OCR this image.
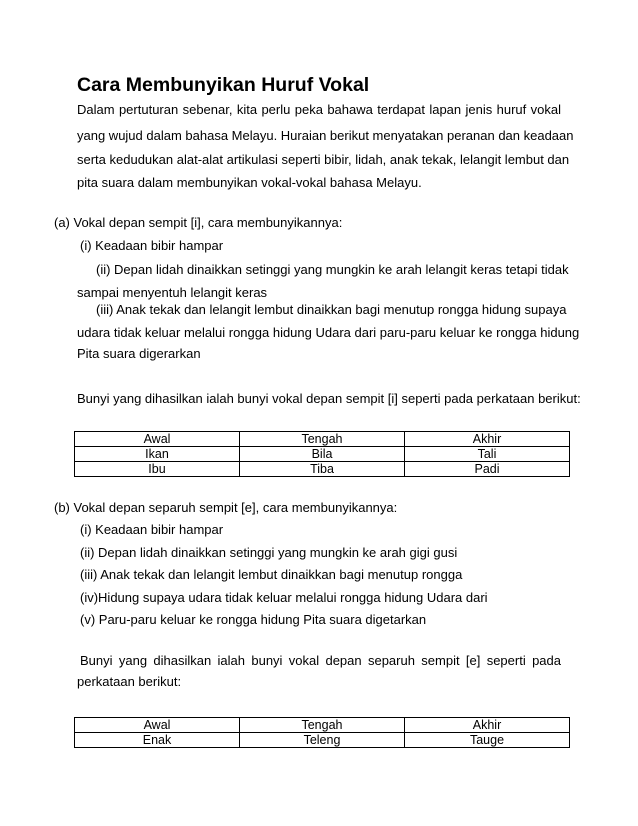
Cara Membunyikan Huruf Vokal
Dalam pertuturan sebenar, kita perlu peka bahawa terdapat lapan jenis huruf vokal
yang wujud dalam bahasa Melayu. Huraian berikut menyatakan peranan dan keadaan
serta kedudukan alat-alat artikulasi seperti bibir, lidah, anak tekak, lelangit lembut dan
pita suara dalam membunyikan vokal-vokal bahasa Melayu.
(a) Vokal depan sempit [i], cara membunyikannya:
(i) Keadaan bibir hampar
(ii) Depan lidah dinaikkan setinggi yang mungkin ke arah lelangit keras tetapi tidak
sampai menyentuh lelangit keras
(iii) Anak tekak dan lelangit lembut dinaikkan bagi menutup rongga hidung supaya
udara tidak keluar melalui rongga hidung Udara dari paru-paru keluar ke rongga hidung
Pita suara digerarkan
Bunyi yang dihasilkan ialah bunyi vokal depan sempit [i] seperti pada perkataan berikut:
Awal	Tengah	Akhir
Ikan	Bila	Tali
Ibu	Tiba	Padi
(b) Vokal depan separuh sempit [e], cara membunyikannya:
(i) Keadaan bibir hampar
(ii) Depan lidah dinaikkan setinggi yang mungkin ke arah gigi gusi
(iii) Anak tekak dan lelangit lembut dinaikkan bagi menutup rongga
(iv)Hidung supaya udara tidak keluar melalui rongga hidung Udara dari
(v) Paru-paru keluar ke rongga hidung Pita suara digetarkan
Bunyi yang dihasilkan ialah bunyi vokal depan separuh sempit [e] seperti pada
perkataan berikut:
Awal	Tengah	Akhir
Enak	Teleng	Tauge
